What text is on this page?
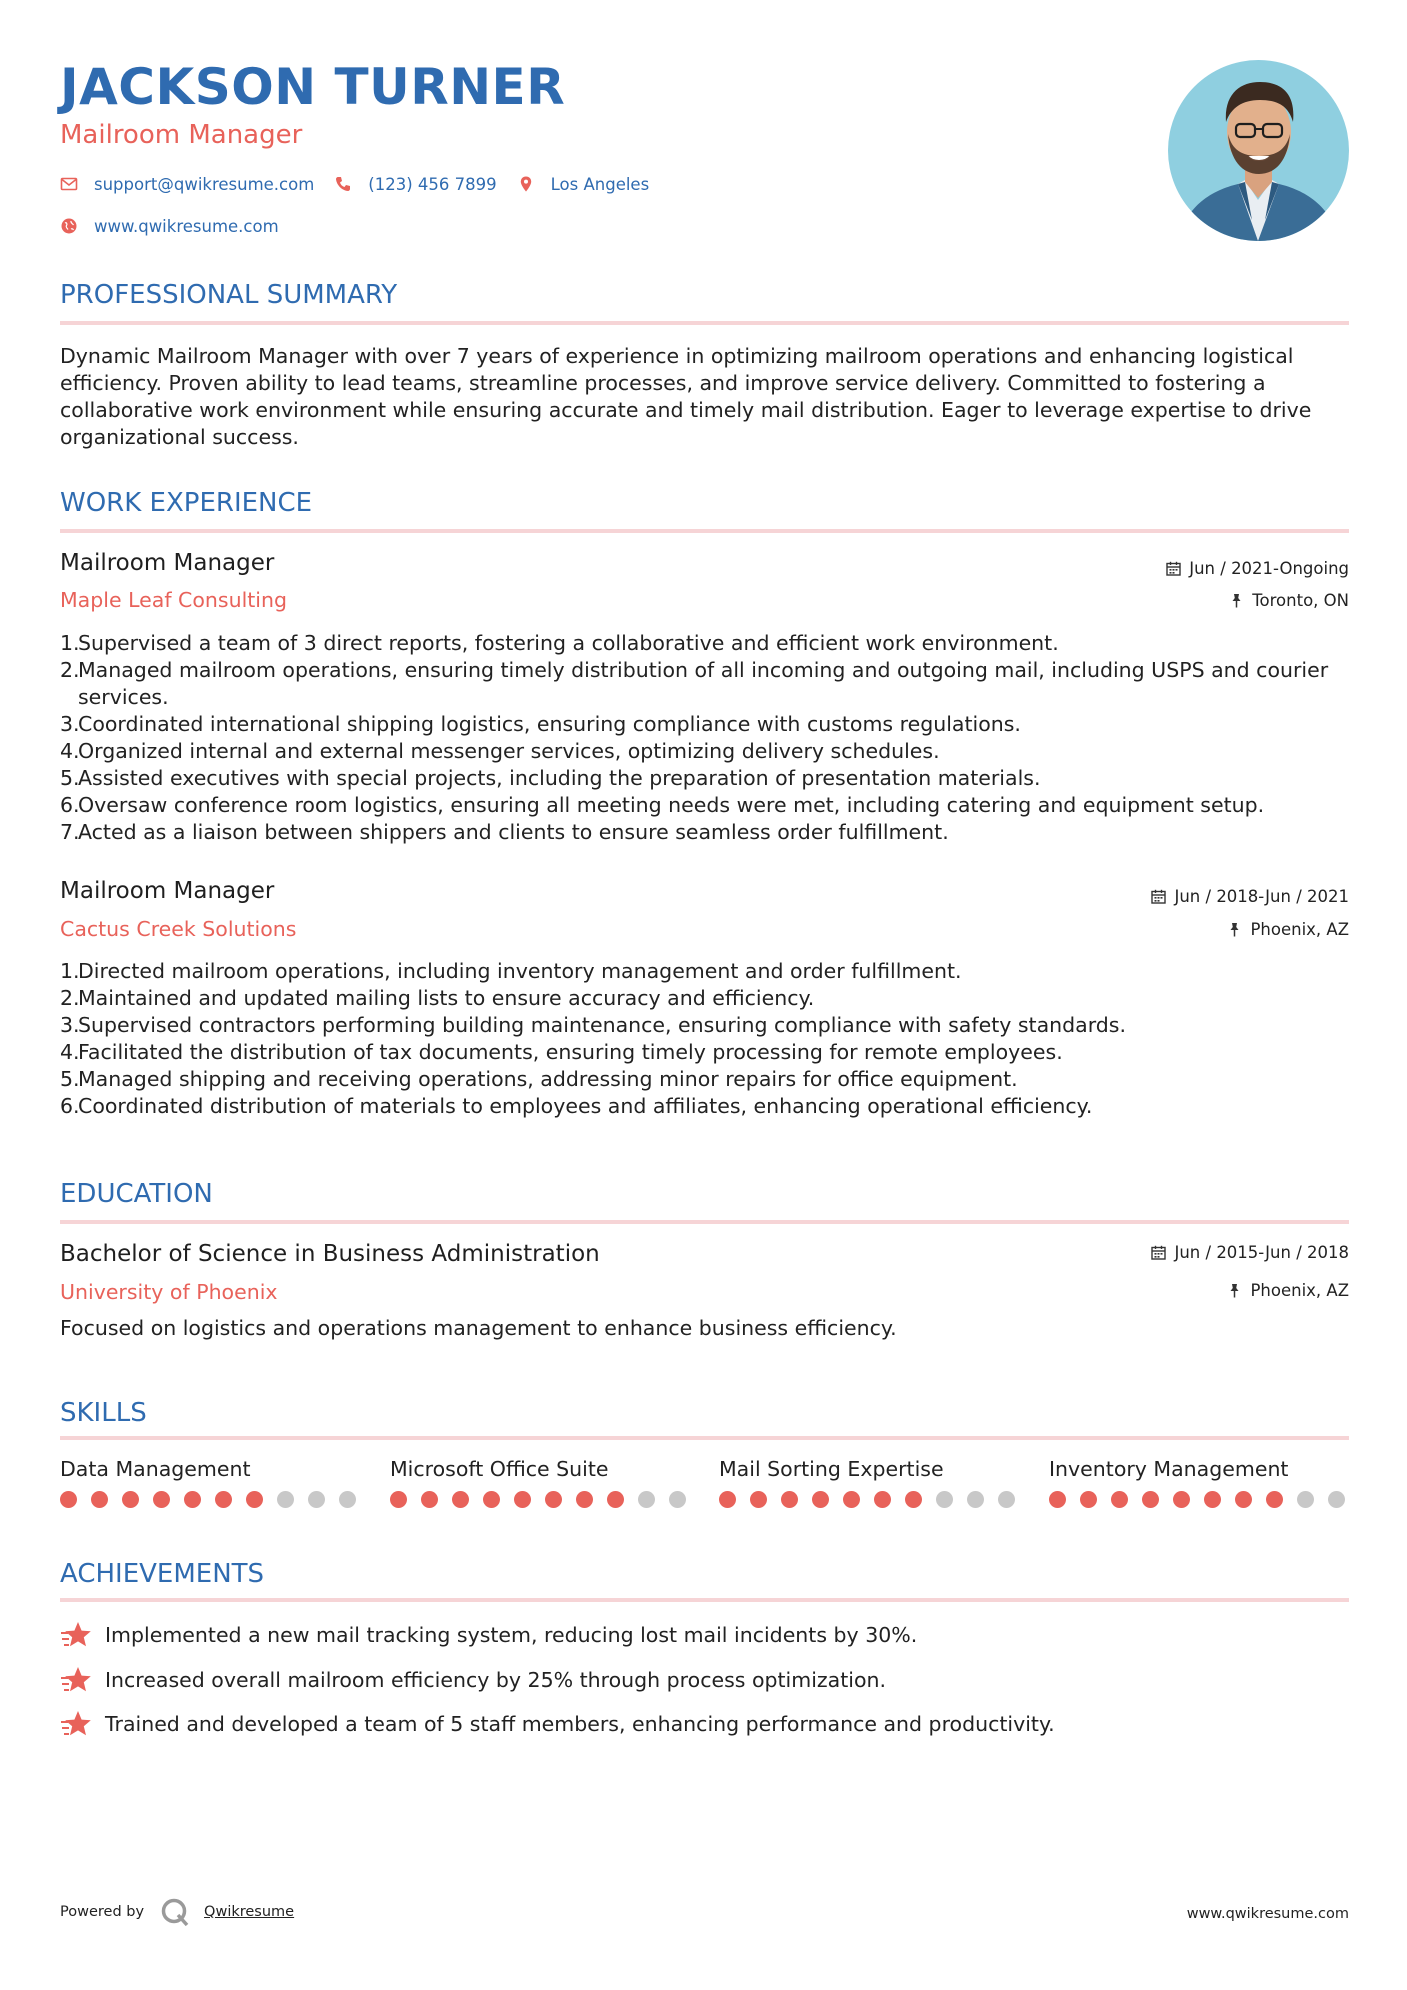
JACKSON TURNER
Mailroom Manager
support@qwikresume.com	(123) 456 7899	Los Angeles
www.qwikresume.com
PROFESSIONAL SUMMARY
Dynamic Mailroom Manager with over 7 years of experience in optimizing mailroom operations and enhancing logistical efficiency. Proven ability to lead teams, streamline processes, and improve service delivery. Committed to fostering a collaborative work environment while ensuring accurate and timely mail distribution. Eager to leverage expertise to drive organizational success.
WORK EXPERIENCE
Mailroom Manager
Maple Leaf Consulting
Jun / 2021-Ongoing
Toronto, ON
1.
Supervised a team of 3 direct reports, fostering a collaborative and efficient work environment.
2.
Managed mailroom operations, ensuring timely distribution of all incoming and outgoing mail, including USPS and courier services.
3.
Coordinated international shipping logistics, ensuring compliance with customs regulations.
4.
Organized internal and external messenger services, optimizing delivery schedules.
5.
Assisted executives with special projects, including the preparation of presentation materials.
6.
Oversaw conference room logistics, ensuring all meeting needs were met, including catering and equipment setup.
7.
Acted as a liaison between shippers and clients to ensure seamless order fulfillment.
Mailroom Manager
Cactus Creek Solutions
Jun / 2018-Jun / 2021
Phoenix, AZ
1.
Directed mailroom operations, including inventory management and order fulfillment.
2.
Maintained and updated mailing lists to ensure accuracy and efficiency.
3.
Supervised contractors performing building maintenance, ensuring compliance with safety standards.
4.
Facilitated the distribution of tax documents, ensuring timely processing for remote employees.
5.
Managed shipping and receiving operations, addressing minor repairs for office equipment.
6.
Coordinated distribution of materials to employees and affiliates, enhancing operational efficiency.
EDUCATION
Bachelor of Science in Business Administration
University of Phoenix
Jun / 2015-Jun / 2018
Phoenix, AZ
Focused on logistics and operations management to enhance business efficiency.
SKILLS
Data Management	Microsoft Office Suite	Mail Sorting Expertise	Inventory Management
ACHIEVEMENTS
Implemented a new mail tracking system, reducing lost mail incidents by 30%.
Increased overall mailroom efficiency by 25% through process optimization.
Trained and developed a team of 5 staff members, enhancing performance and productivity.
Powered by	Qwikresume	www.qwikresume.com
